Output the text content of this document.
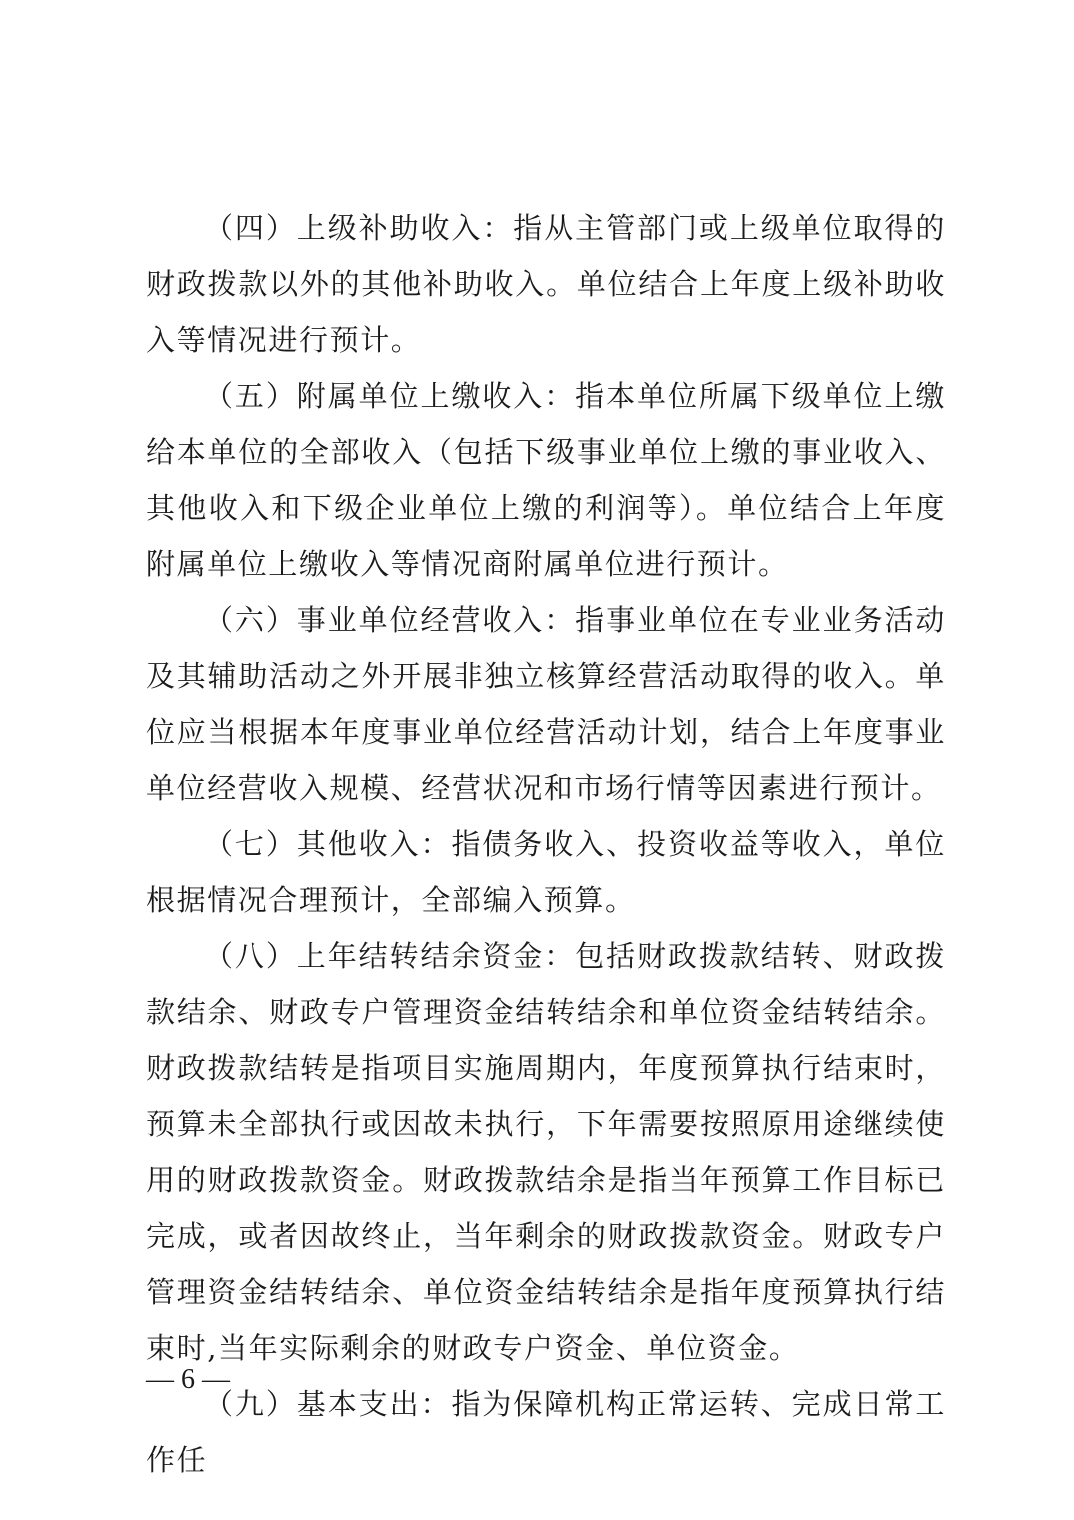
（四）上级补助收入：指从主管部门或上级单位取得的财政拨款以外的其他补助收入。单位结合上年度上级补助收入等情况进行预计。

（五）附属单位上缴收入：指本单位所属下级单位上缴给本单位的全部收入（包括下级事业单位上缴的事业收入、其他收入和下级企业单位上缴的利润等）。单位结合上年度附属单位上缴收入等情况商附属单位进行预计。

（六）事业单位经营收入：指事业单位在专业业务活动及其辅助活动之外开展非独立核算经营活动取得的收入。单位应当根据本年度事业单位经营活动计划，结合上年度事业单位经营收入规模、经营状况和市场行情等因素进行预计。

（七）其他收入：指债务收入、投资收益等收入，单位根据情况合理预计，全部编入预算。

（八）上年结转结余资金：包括财政拨款结转、财政拨款结余、财政专户管理资金结转结余和单位资金结转结余。财政拨款结转是指项目实施周期内，年度预算执行结束时，预算未全部执行或因故未执行，下年需要按照原用途继续使用的财政拨款资金。财政拨款结余是指当年预算工作目标已完成，或者因故终止，当年剩余的财政拨款资金。财政专户管理资金结转结余、单位资金结转结余是指年度预算执行结束时,当年实际剩余的财政专户资金、单位资金。

（九）基本支出：指为保障机构正常运转、完成日常工作任

— 6 —
